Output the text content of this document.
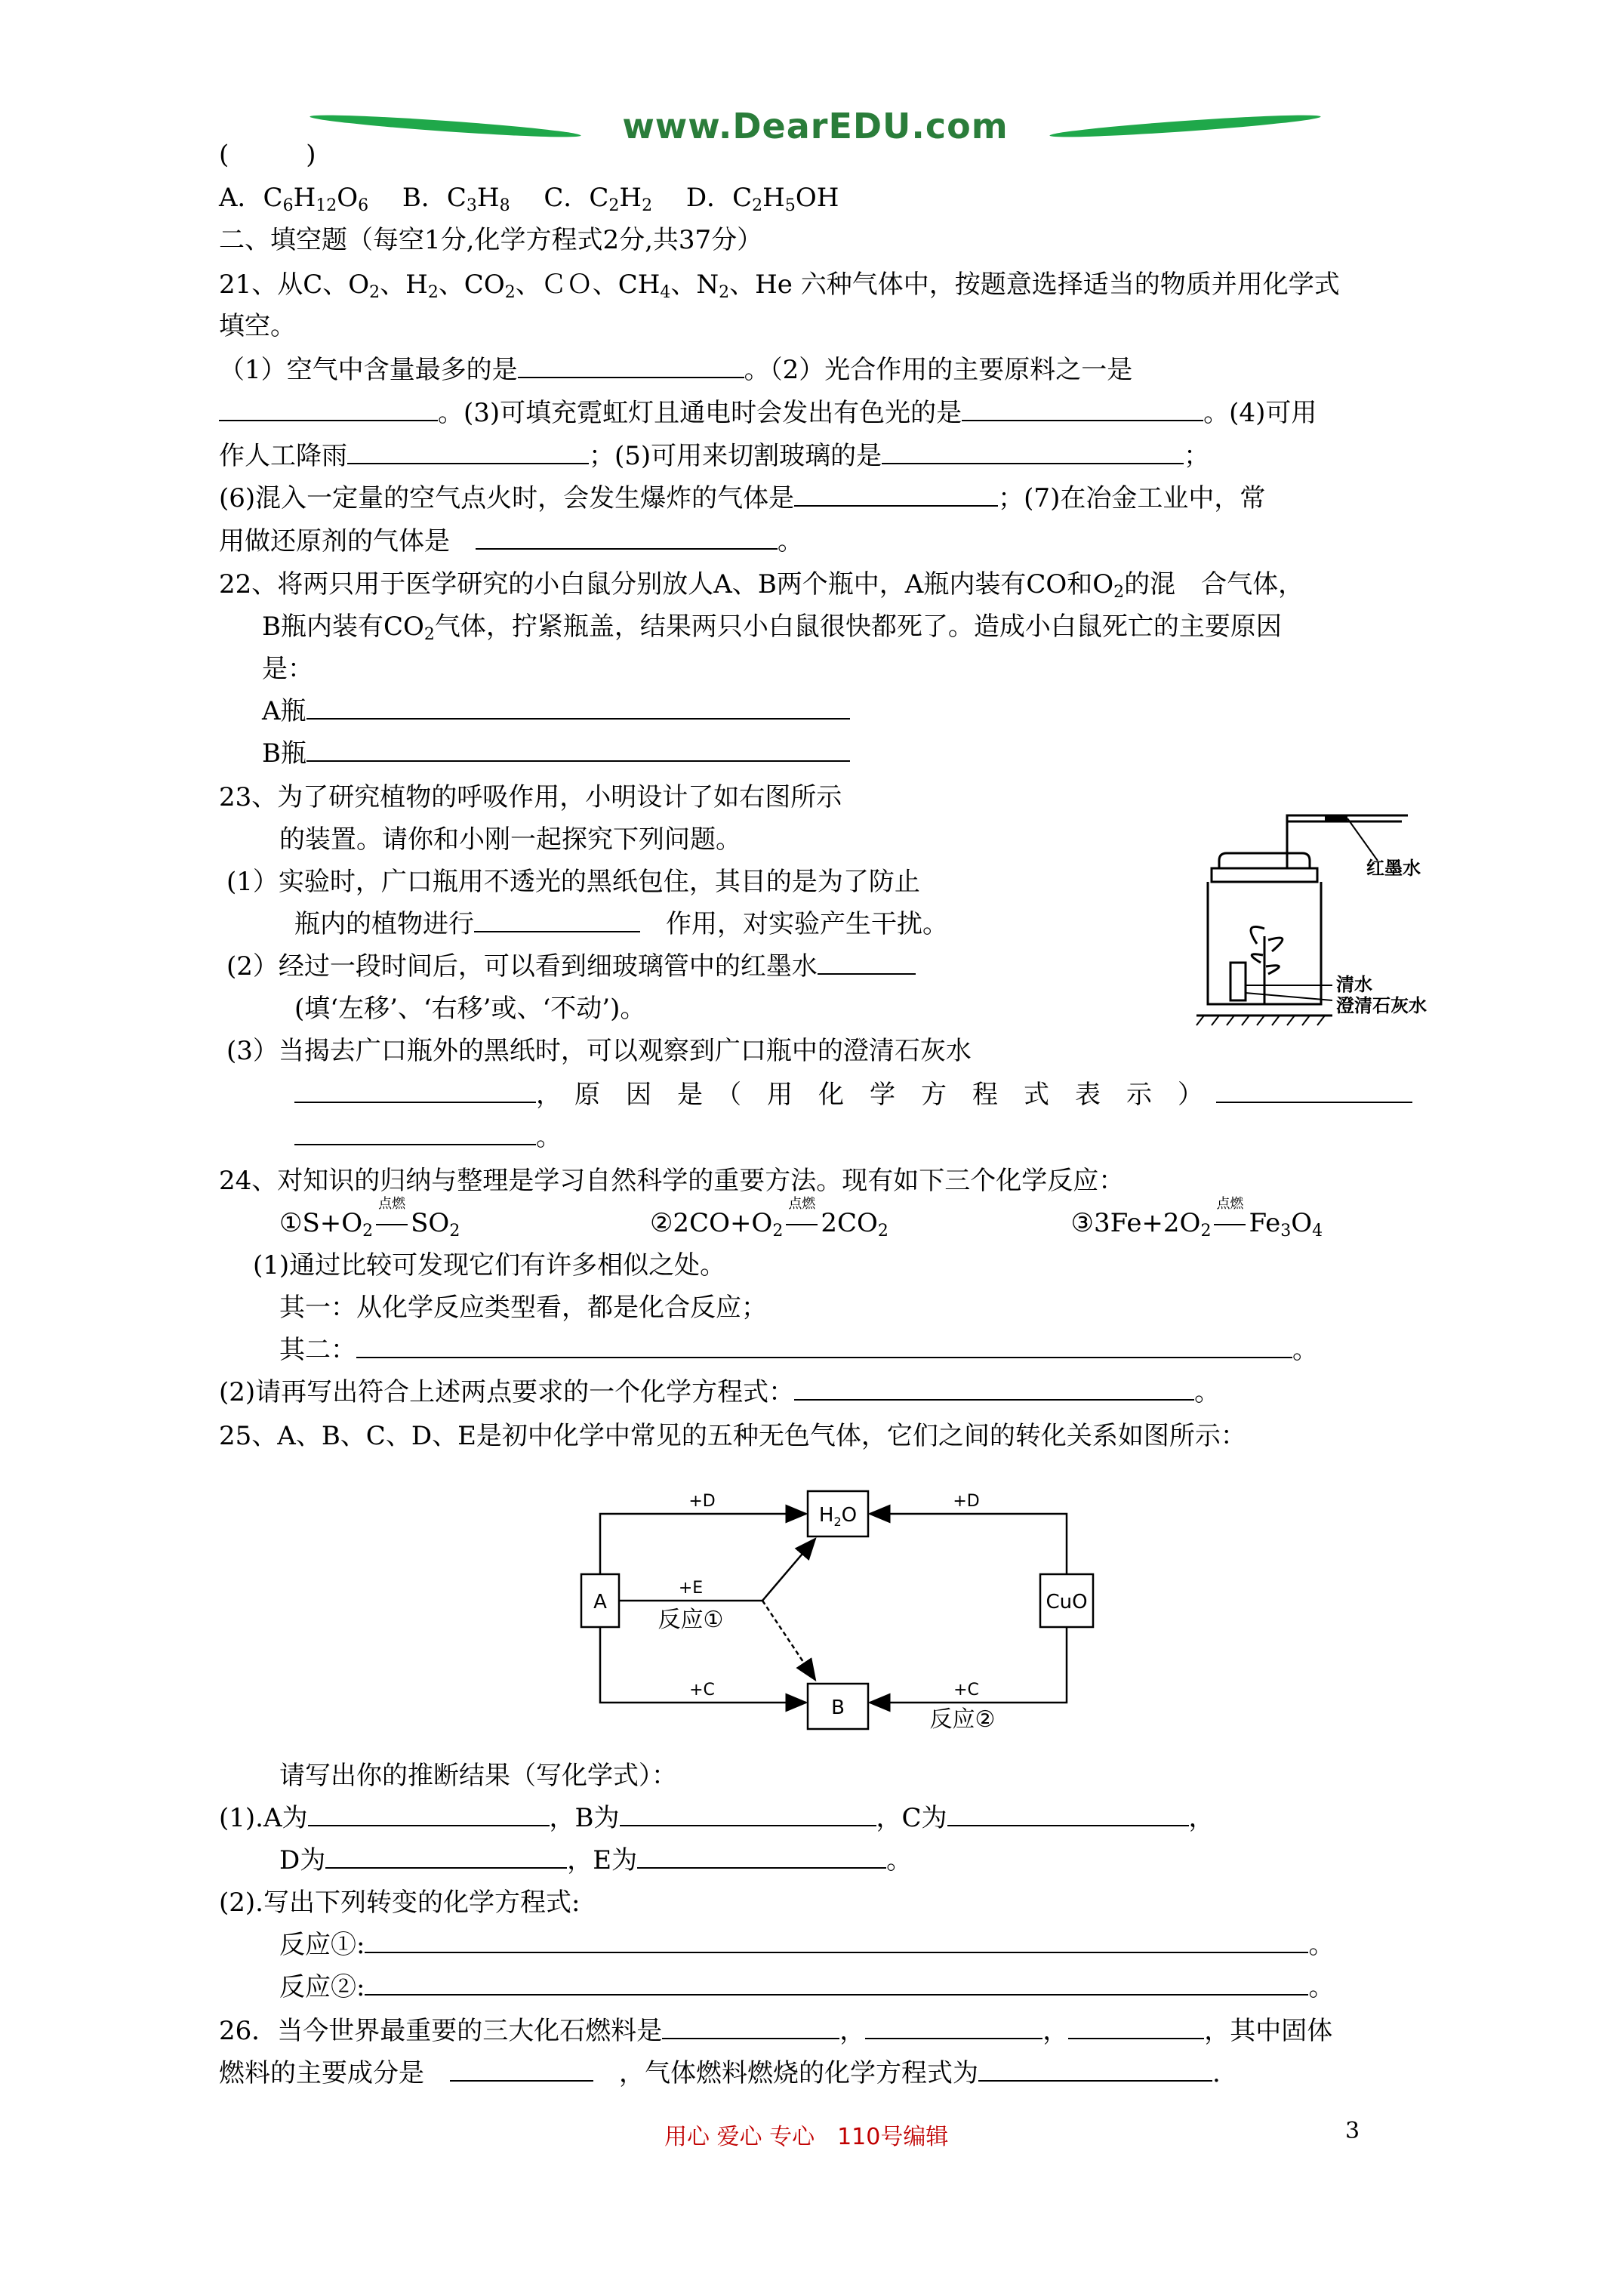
www.DearEDU.com
(　　　)
A．$C_6H_{12}O_6$ 　B．$C_3H_8$ 　C．$C_2H_2$ 　D．$C_2H_5OH$
二、填空题（每空1分,化学方程式2分,共37分）
21、从C、$O_2$、$H_2$、$CO_2$、ＣＯ、$CH_4$、$N_2$、He 六种气体中，按题意选择适当的物质并用化学式
填空。
（1）空气中含量最多的是	。（2）光合作用的主要原料之一是
。(3)可填充霓虹灯且通电时会发出有色光的是	。(4)可用
作人工降雨	；(5)可用来切割玻璃的是	；
(6)混入一定量的空气点火时，会发生爆炸的气体是	；(7)在冶金工业中，常
用做还原剂的气体是　	。
22、将两只用于医学研究的小白鼠分别放人A、B两个瓶中，A瓶内装有CO和$O_2$的混　合气体，
B瓶内装有$CO_2$气体，拧紧瓶盖，结果两只小白鼠很快都死了。造成小白鼠死亡的主要原因
是：
A瓶
B瓶
23、为了研究植物的呼吸作用，小明设计了如右图所示
的装置。请你和小刚一起探究下列问题。
(1）实验时，广口瓶用不透光的黑纸包住，其目的是为了防止
瓶内的植物进行　	作用，对实验产生干扰。
(2）经过一段时间后，可以看到细玻璃管中的红墨水
(填‘左移’、‘右移’或、‘不动’)。
(3）当揭去广口瓶外的黑纸时，可以观察到广口瓶中的澄清石灰水
，　原　因　是　（　用　化　学　方　程　式　表　示　）　
。
红墨水
清水
澄清石灰水
24、对知识的归纳与整理是学习自然科学的重要方法。现有如下三个化学反应：
$①S+O_2$
点燃
$SO_2$	$②2CO+O_2$
点燃
$2CO_2$	$③3Fe+2O_2$
点燃
$Fe_3O_4$
(1)通过比较可发现它们有许多相似之处。
其一：从化学反应类型看，都是化合反应；
其二：	。
(2)请再写出符合上述两点要求的一个化学方程式：	。
25、A、B、C、D、E是初中化学中常见的五种无色气体，它们之间的转化关系如图所示：
A
$H_2O$
CuO
B
+D	+D
+E
反应①
+C	+C
反应②
请写出你的推断结果（写化学式）：
(1).A为	，B为	，C为	，
D为	，E为	。
(2).写出下列转变的化学方程式:
反应①:	。
反应②:	。
26．当今世界最重要的三大化石燃料是	，	，	，其中固体
燃料的主要成分是　　	，气体燃料燃烧的化学方程式为	.
用心 爱心 专心　110号编辑	3
